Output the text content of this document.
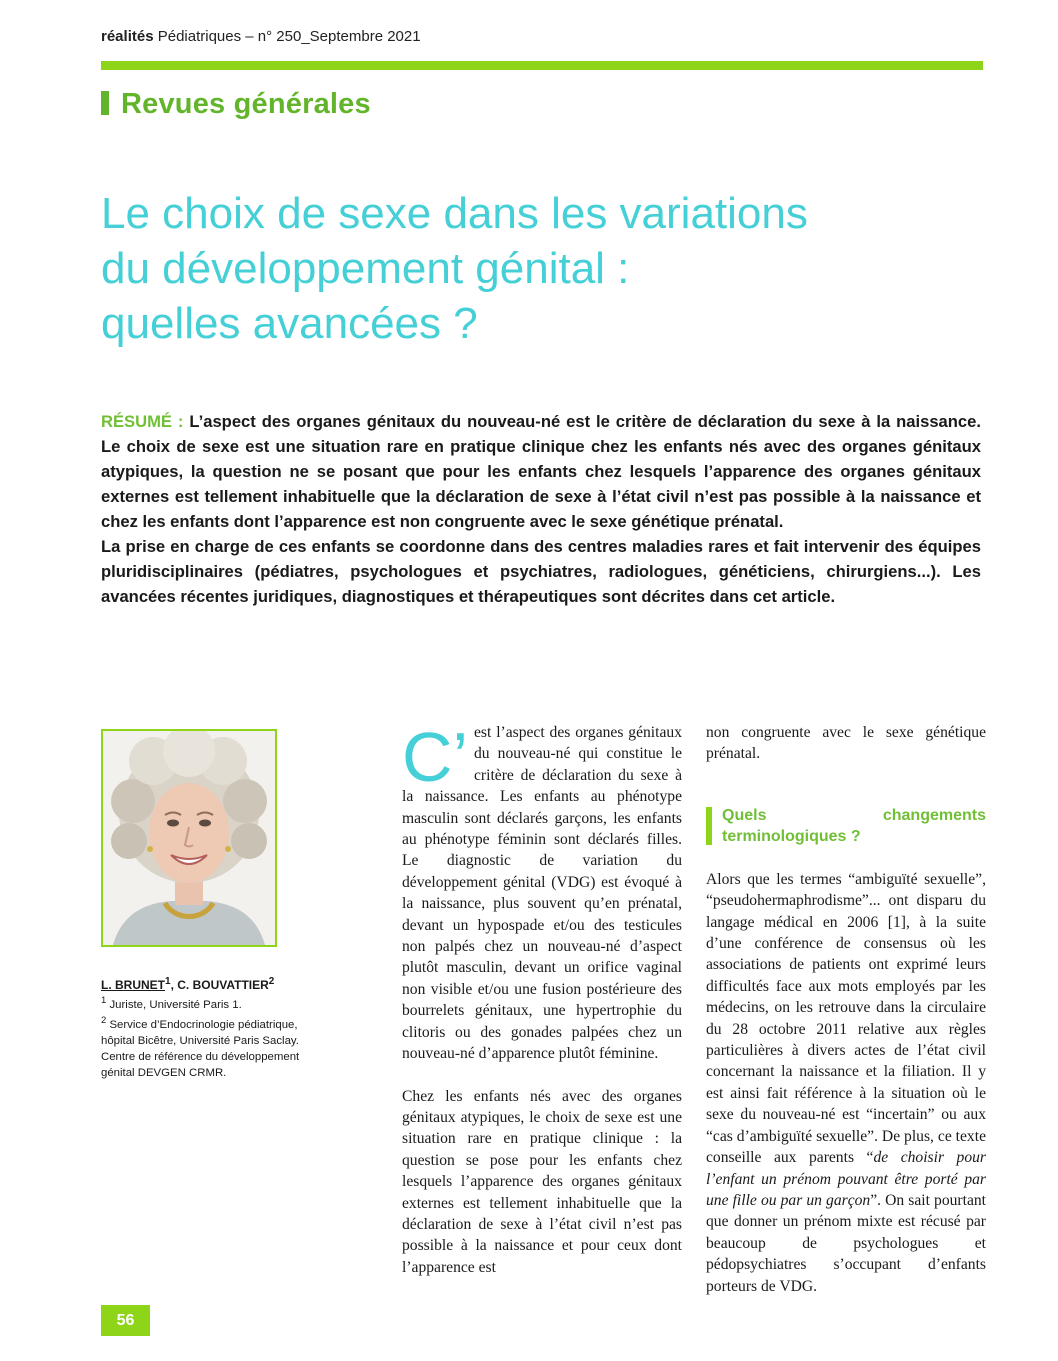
réalités Pédiatriques – n° 250_Septembre 2021
Revues générales
Le choix de sexe dans les variations
du développement génital :
quelles avancées ?

RÉSUMÉ : L’aspect des organes génitaux du nouveau-né est le critère de déclaration du sexe à la naissance. Le choix de sexe est une situation rare en pratique clinique chez les enfants nés avec des organes génitaux atypiques, la question ne se posant que pour les enfants chez lesquels l’apparence des organes génitaux externes est tellement inhabituelle que la déclaration de sexe à l’état civil n’est pas possible à la naissance et chez les enfants dont l’apparence est non congruente avec le sexe génétique prénatal.

La prise en charge de ces enfants se coordonne dans des centres maladies rares et fait intervenir des équipes pluridisciplinaires (pédiatres, psychologues et psychiatres, radiologues, généticiens, chirurgiens...). Les avancées récentes juridiques, diagnostiques et thérapeutiques sont décrites dans cet article.

L. BRUNET$^1$, C. BOUVATTIER$^2$

$^1$ Juriste, Université Paris 1.

$^2$ Service d’Endocrinologie pédiatrique, hôpital Bicêtre, Université Paris Saclay. Centre de référence du développement génital DEVGEN CRMR.

C’ est l’aspect des organes génitaux du nouveau-né qui constitue le critère de déclaration du sexe à la naissance. Les enfants au phénotype masculin sont déclarés garçons, les enfants au phénotype féminin sont déclarés filles. Le diagnostic de variation du développement génital (VDG) est évoqué à la naissance, plus souvent qu’en prénatal, devant un hypospade et/ou des testicules non palpés chez un nouveau-né d’aspect plutôt masculin, devant un orifice vaginal non visible et/ou une fusion postérieure des bourrelets génitaux, une hypertrophie du clitoris ou des gonades palpées chez un nouveau-né d’apparence plutôt féminine.

Chez les enfants nés avec des organes génitaux atypiques, le choix de sexe est une situation rare en pratique clinique : la question se pose pour les enfants chez lesquels l’apparence des organes génitaux externes est tellement inhabituelle que la déclaration de sexe à l’état civil n’est pas possible à la naissance et pour ceux dont l’apparence est

non congruente avec le sexe génétique prénatal.

Quels changements terminologiques ?

Alors que les termes “ambiguïté sexuelle”, “pseudohermaphrodisme”... ont disparu du langage médical en 2006 [1], à la suite d’une conférence de consensus où les associations de patients ont exprimé leurs difficultés face aux mots employés par les médecins, on les retrouve dans la circulaire du 28 octobre 2011 relative aux règles particulières à divers actes de l’état civil concernant la naissance et la filiation. Il y est ainsi fait référence à la situation où le sexe du nouveau-né est “incertain” ou aux “cas d’ambiguïté sexuelle”. De plus, ce texte conseille aux parents “de choisir pour l’enfant un prénom pouvant être porté par une fille ou par un garçon”. On sait pourtant que donner un prénom mixte est récusé par beaucoup de psychologues et pédopsychiatres s’occupant d’enfants porteurs de VDG.

56
